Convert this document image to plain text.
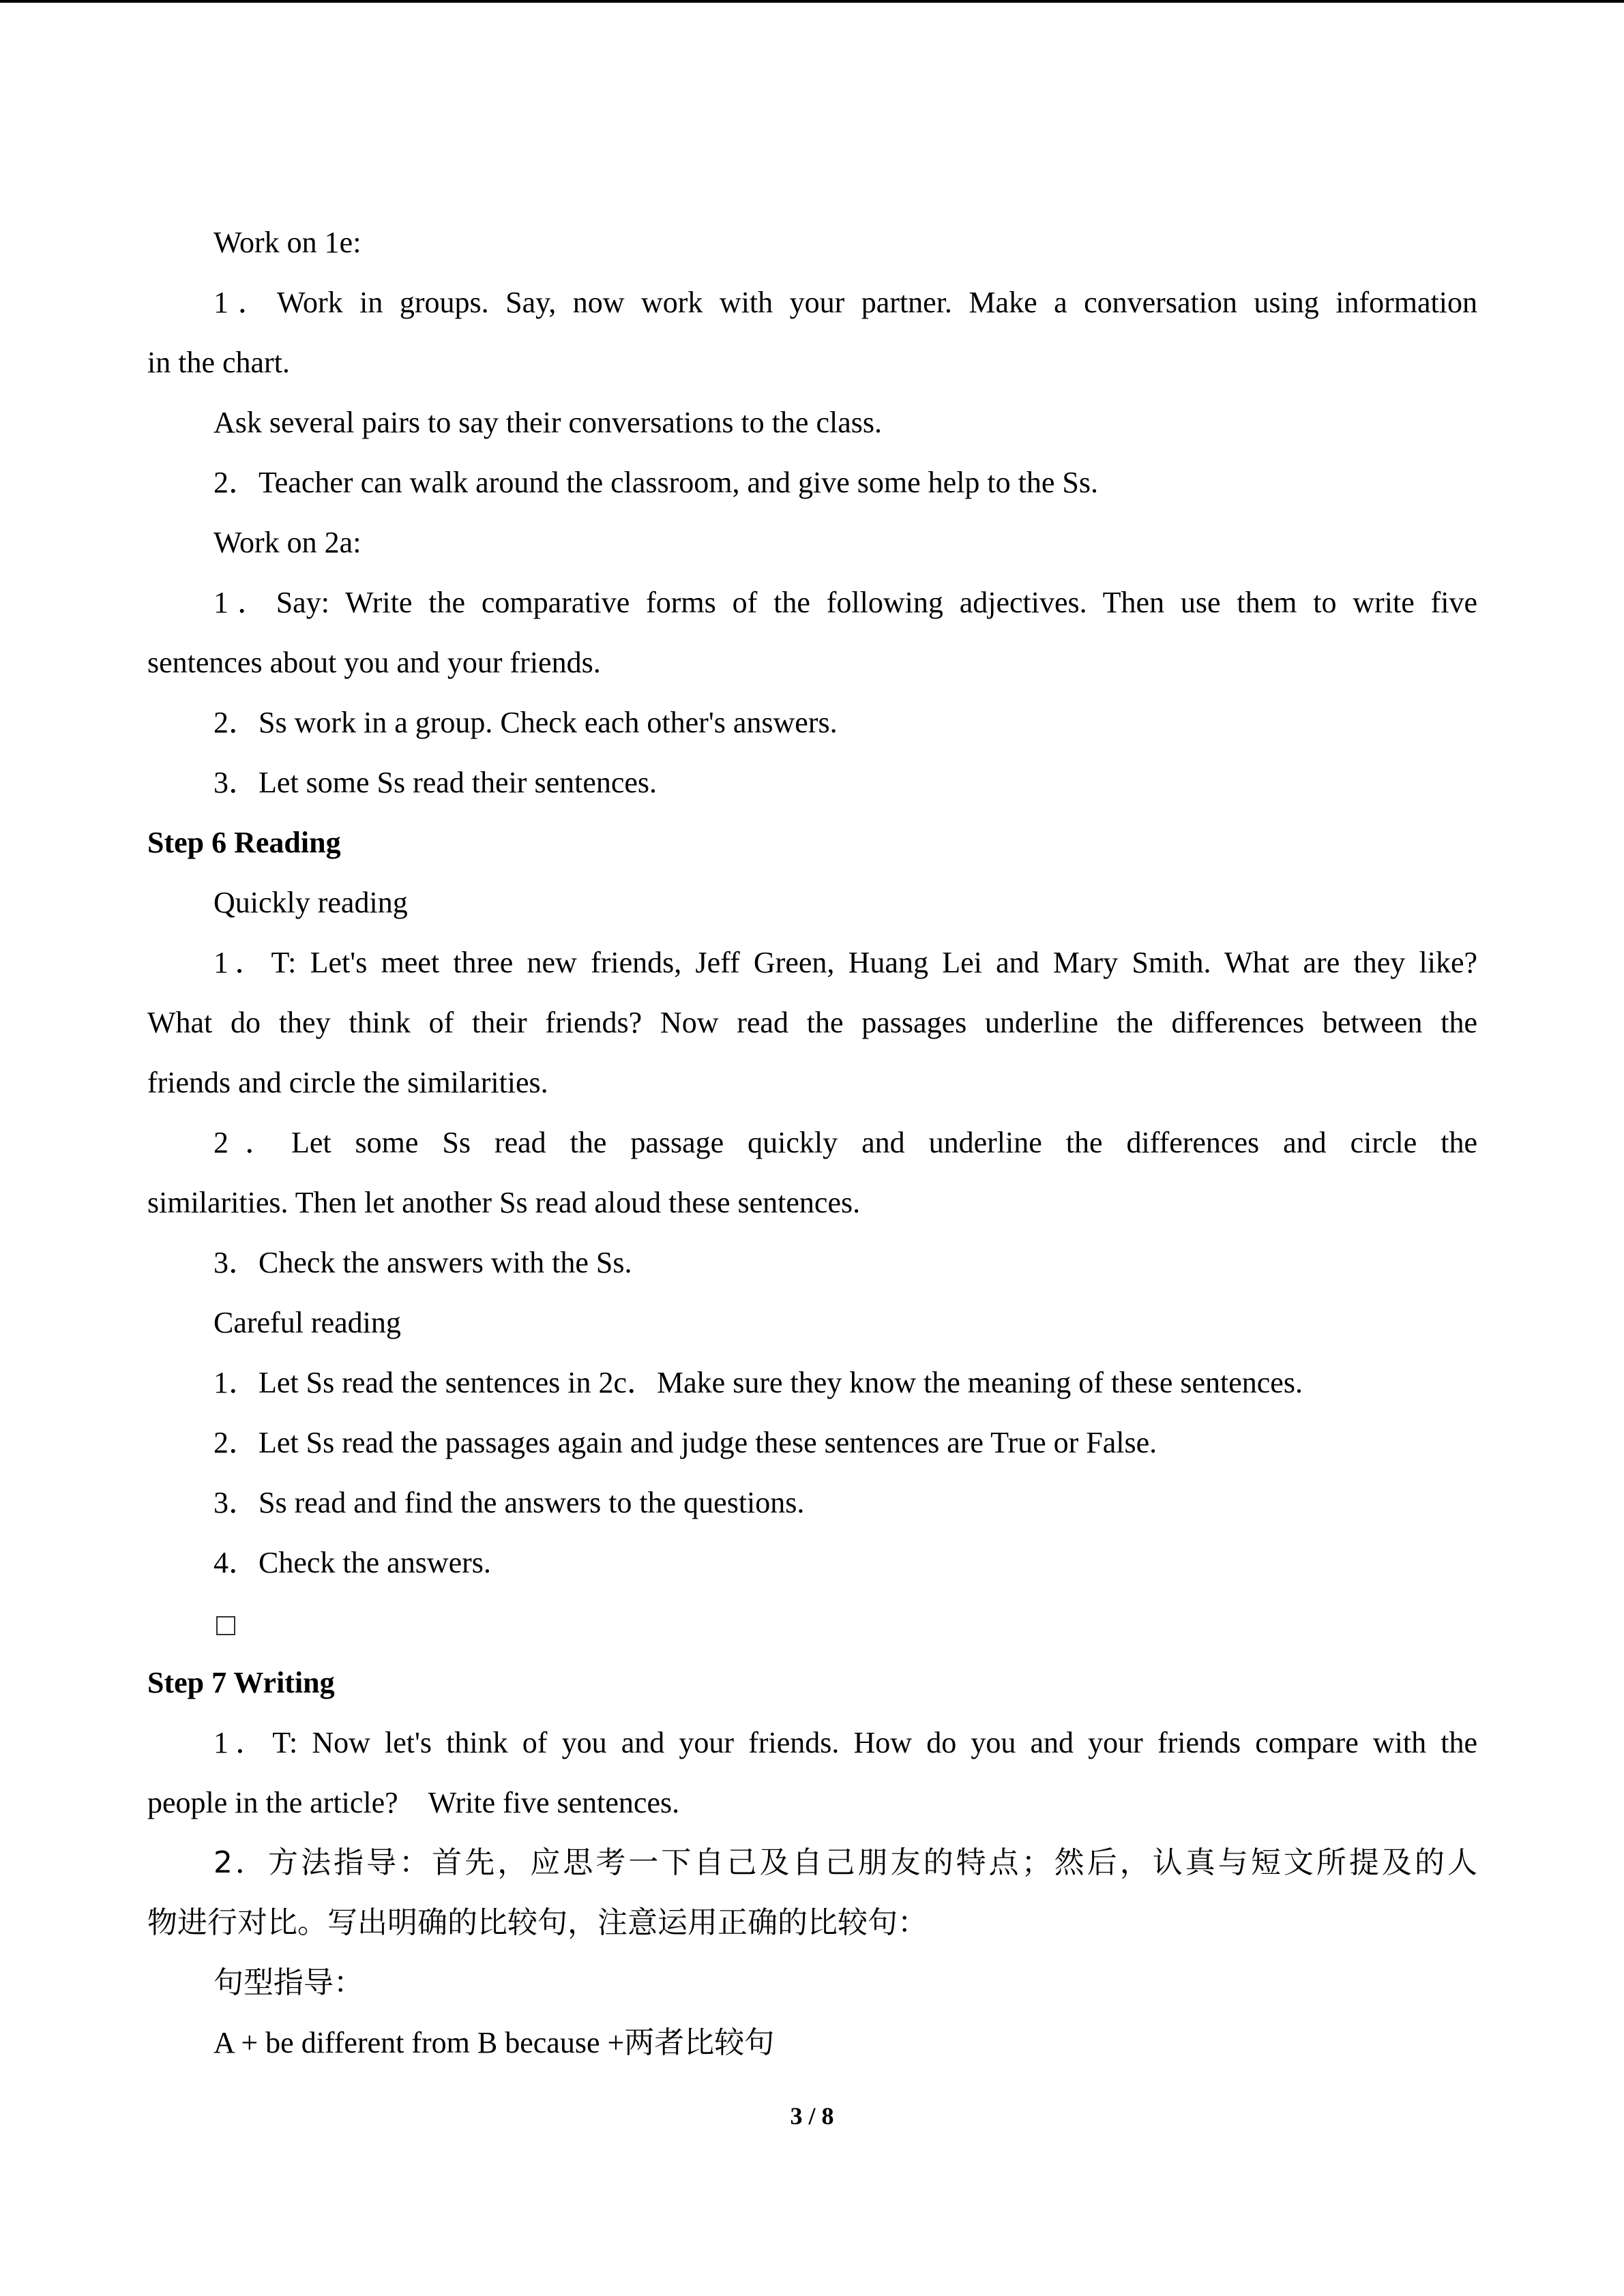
Work on 1e:

1．Work in groups. Say, now work with your partner. Make a conversation using information

in the chart.

Ask several pairs to say their conversations to the class.

2．Teacher can walk around the classroom, and give some help to the Ss.

Work on 2a:

1．Say: Write the comparative forms of the following adjectives. Then use them to write five

sentences about you and your friends.

2．Ss work in a group. Check each other's answers.

3．Let some Ss read their sentences.

Step 6 Reading

Quickly reading

1．T: Let's meet three new friends, Jeff Green, Huang Lei and Mary Smith. What are they like?

What do they think of their friends? Now read the passages underline the differences between the

friends and circle the similarities.

2．Let some Ss read the passage quickly and underline the differences and circle the

similarities. Then let another Ss read aloud these sentences.

3．Check the answers with the Ss.

Careful reading

1．Let Ss read the sentences in 2c．Make sure they know the meaning of these sentences.

2．Let Ss read the passages again and judge these sentences are True or False.

3．Ss read and find the answers to the questions.

4．Check the answers.

Step 7 Writing

1．T: Now let's think of you and your friends. How do you and your friends compare with the

people in the article?　Write five sentences.

2．方法指导：首先，应思考一下自己及自己朋友的特点；然后，认真与短文所提及的人

物进行对比。写出明确的比较句，注意运用正确的比较句：

句型指导：

A + be different from B because +两者比较句

3 / 8
